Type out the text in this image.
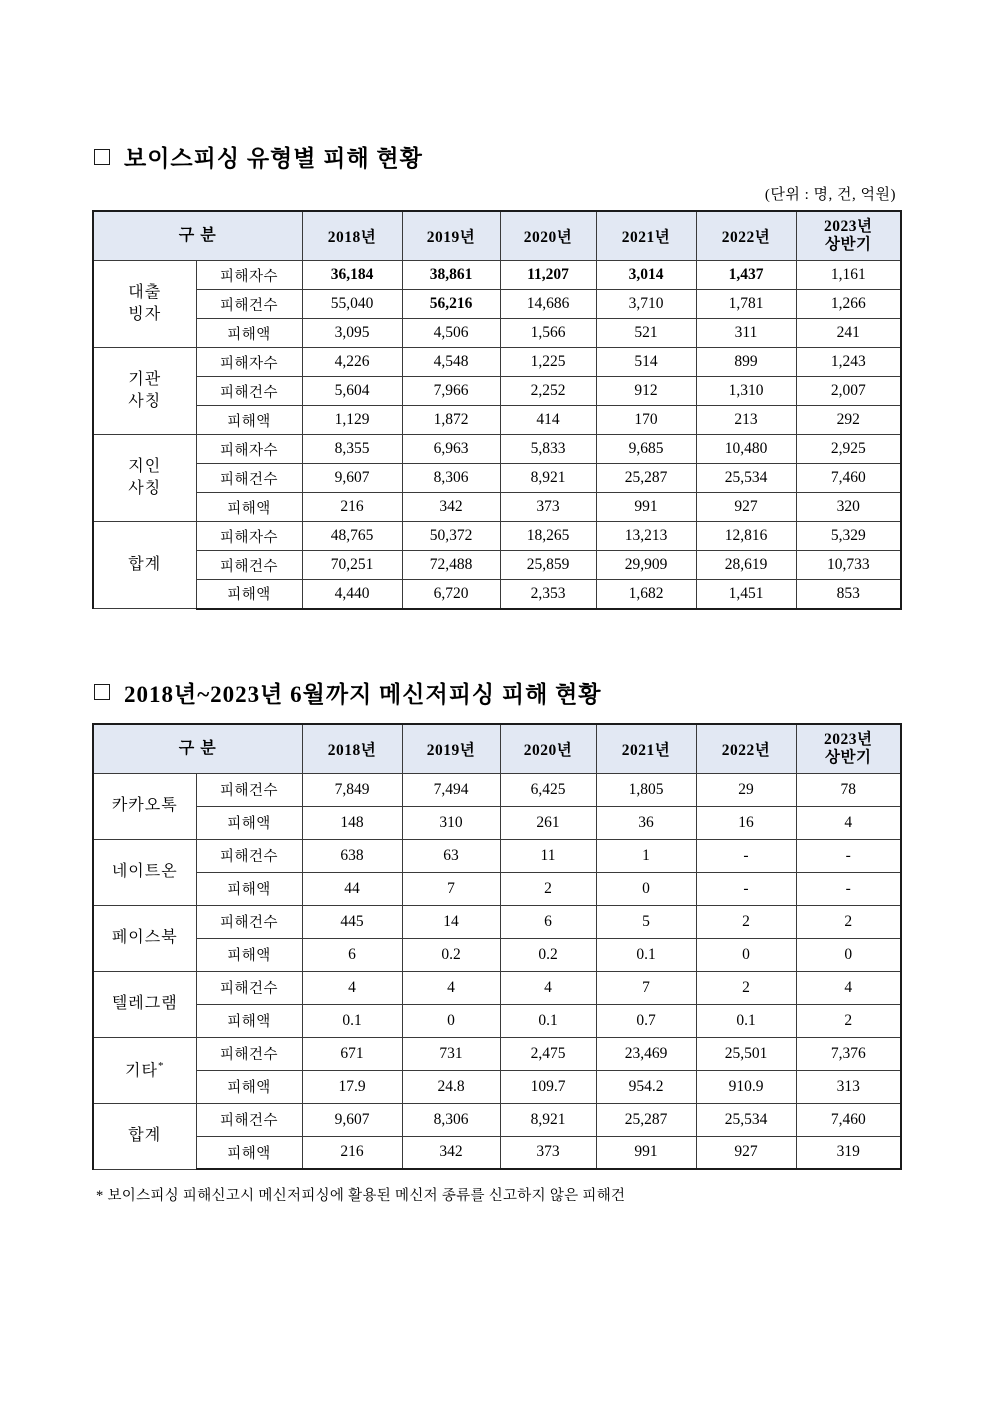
보이스피싱 유형별 피해 현황
(단위 : 명, 건, 억원)
구 분		2018년	2019년	2020년	2021년	2022년	2023년
상반기

대출
빙자	피해자수	36,184	38,861	11,207	3,014	1,437	1,161
	피해건수	55,040	56,216	14,686	3,710	1,781	1,266
	피해액	3,095	4,506	1,566	521	311	241

기관
사칭	피해자수	4,226	4,548	1,225	514	899	1,243
	피해건수	5,604	7,966	2,252	912	1,310	2,007
	피해액	1,129	1,872	414	170	213	292

지인
사칭	피해자수	8,355	6,963	5,833	9,685	10,480	2,925
	피해건수	9,607	8,306	8,921	25,287	25,534	7,460
	피해액	216	342	373	991	927	320

합계	피해자수	48,765	50,372	18,265	13,213	12,816	5,329
	피해건수	70,251	72,488	25,859	29,909	28,619	10,733
	피해액	4,440	6,720	2,353	1,682	1,451	853
2018년~2023년 6월까지 메신저피싱 피해 현황
구 분		2018년	2019년	2020년	2021년	2022년	2023년
상반기

카카오톡	피해건수	7,849	7,494	6,425	1,805	29	78
	피해액	148	310	261	36	16	4
네이트온	피해건수	638	63	11	1	-	-
	피해액	44	7	2	0	-	-
페이스북	피해건수	445	14	6	5	2	2
	피해액	6	0.2	0.2	0.1	0	0
텔레그램	피해건수	4	4	4	7	2	4
	피해액	0.1	0	0.1	0.7	0.1	2
기타*	피해건수	671	731	2,475	23,469	25,501	7,376
	피해액	17.9	24.8	109.7	954.2	910.9	313
합계	피해건수	9,607	8,306	8,921	25,287	25,534	7,460
	피해액	216	342	373	991	927	319
* 보이스피싱 피해신고시 메신저피싱에 활용된 메신저 종류를 신고하지 않은 피해건
